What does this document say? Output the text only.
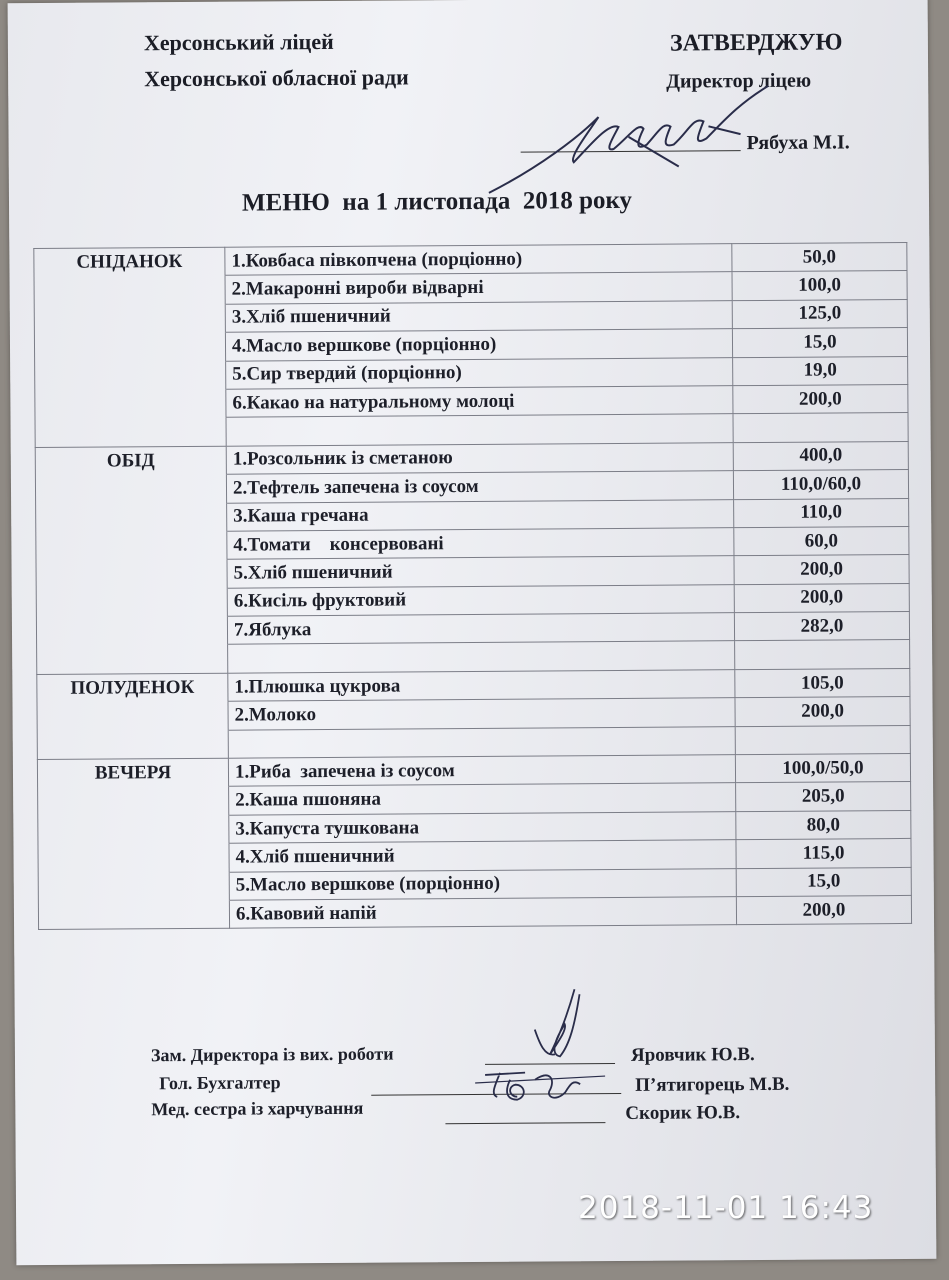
Херсонський ліцей
Херсонської обласної ради
ЗАТВЕРДЖУЮ
Директор ліцею
Рябуха М.І.
МЕНЮ  на 1 листопада  2018 року
СНІДАНОК	1.Ковбаса півкопчена (порціонно)	50,0
	2.Макаронні вироби відварні	100,0
	3.Хліб пшеничний	125,0
	4.Масло вершкове (порціонно)	15,0
	5.Сир твердий (порціонно)	19,0
	6.Какао на натуральному молоці	200,0

ОБІД	1.Розсольник із сметаною	400,0
	2.Тефтель запечена із соусом	110,0/60,0
	3.Каша гречана	110,0
	4.Томати    консервовані	60,0
	5.Хліб пшеничний	200,0
	6.Кисіль фруктовий	200,0
	7.Яблука	282,0

ПОЛУДЕНОК	1.Плюшка цукрова	105,0
	2.Молоко	200,0

ВЕЧЕРЯ	1.Риба  запечена із соусом	100,0/50,0
	2.Каша пшоняна	205,0
	3.Капуста тушкована	80,0
	4.Хліб пшеничний	115,0
	5.Масло вершкове (порціонно)	15,0
	6.Кавовий напій	200,0
Зам. Директора із вих. роботи	Яровчик Ю.В.
Гол. Бухгалтер	П’ятигорець М.В.
Мед. сестра із харчування	Скорик Ю.В.
2018-11-01 16:43
